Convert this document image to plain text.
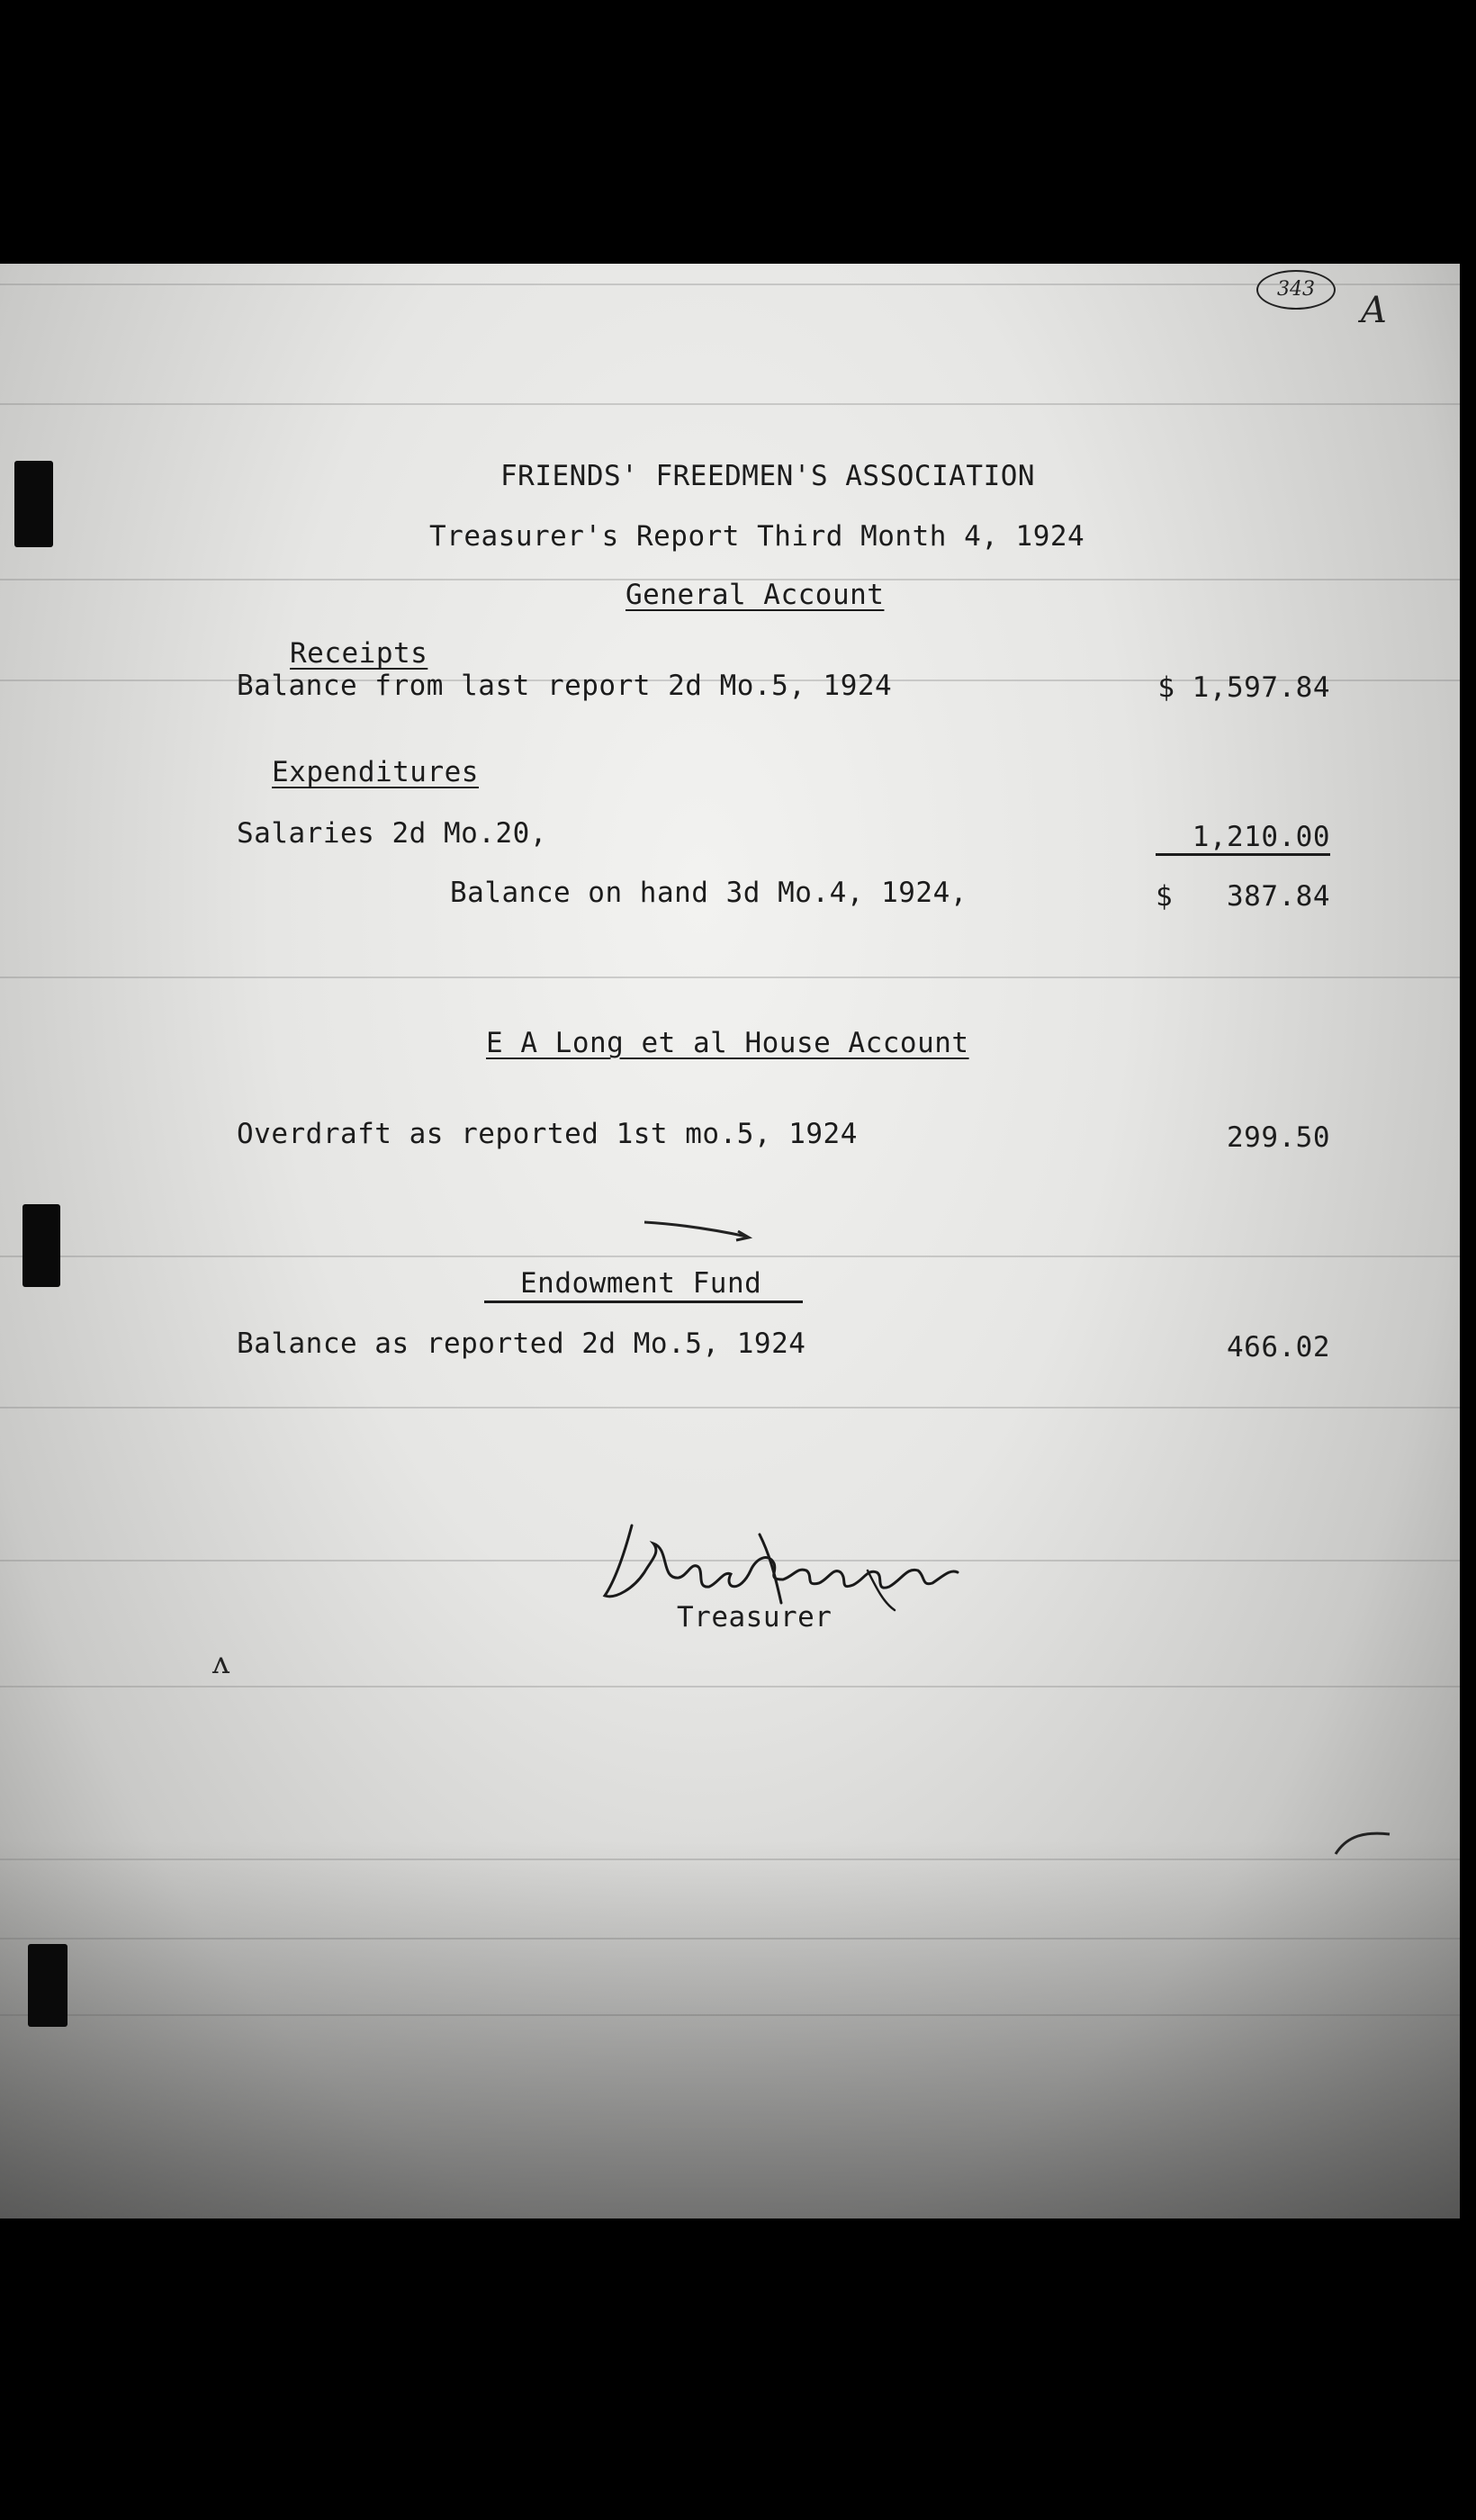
343
A
FRIENDS' FREEDMEN'S ASSOCIATION
Treasurer's Report Third Month 4, 1924
General Account
Receipts
Balance from last report 2d Mo.5, 1924	$ 1,597.84
Expenditures
Salaries 2d Mo.20,	1,210.00
Balance on hand 3d Mo.4, 1924,	$	387.84
E A Long et al House Account
Overdraft as reported 1st mo.5, 1924	299.50
Endowment Fund
Balance as reported 2d Mo.5, 1924	466.02
Treasurer
ᴧ
